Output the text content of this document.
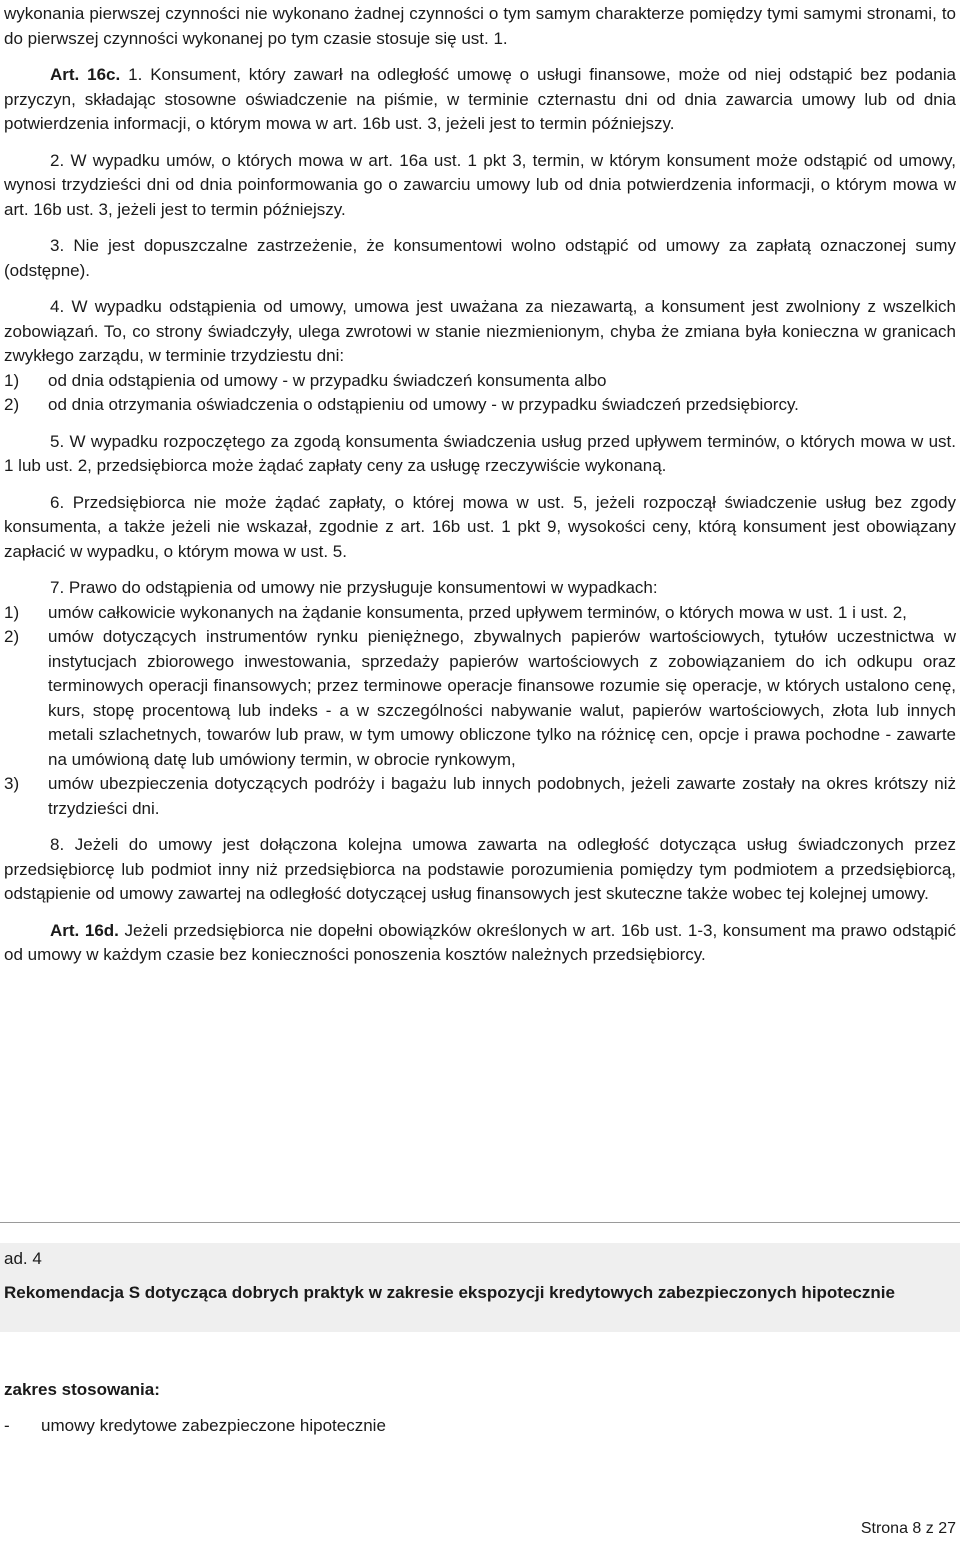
wykonania pierwszej czynności nie wykonano żadnej czynności o tym samym charakterze pomiędzy tymi samymi stronami, to do pierwszej czynności wykonanej po tym czasie stosuje się ust. 1.

Art. 16c. 1. Konsument, który zawarł na odległość umowę o usługi finansowe, może od niej odstąpić bez podania przyczyn, składając stosowne oświadczenie na piśmie, w terminie czternastu dni od dnia zawarcia umowy lub od dnia potwierdzenia informacji, o którym mowa w art. 16b ust. 3, jeżeli jest to termin późniejszy.

2. W wypadku umów, o których mowa w art. 16a ust. 1 pkt 3, termin, w którym konsument może odstąpić od umowy, wynosi trzydzieści dni od dnia poinformowania go o zawarciu umowy lub od dnia potwierdzenia informacji, o którym mowa w art. 16b ust. 3, jeżeli jest to termin późniejszy.

3. Nie jest dopuszczalne zastrzeżenie, że konsumentowi wolno odstąpić od umowy za zapłatą oznaczonej sumy (odstępne).

4. W wypadku odstąpienia od umowy, umowa jest uważana za niezawartą, a konsument jest zwolniony z wszelkich zobowiązań. To, co strony świadczyły, ulega zwrotowi w stanie niezmienionym, chyba że zmiana była konieczna w granicach zwykłego zarządu, w terminie trzydziestu dni:

1)	od dnia odstąpienia od umowy - w przypadku świadczeń konsumenta albo
2)	od dnia otrzymania oświadczenia o odstąpieniu od umowy - w przypadku świadczeń przedsiębiorcy.

5. W wypadku rozpoczętego za zgodą konsumenta świadczenia usług przed upływem terminów, o których mowa w ust. 1 lub ust. 2, przedsiębiorca może żądać zapłaty ceny za usługę rzeczywiście wykonaną.

6. Przedsiębiorca nie może żądać zapłaty, o której mowa w ust. 5, jeżeli rozpoczął świadczenie usług bez zgody konsumenta, a także jeżeli nie wskazał, zgodnie z art. 16b ust. 1 pkt 9, wysokości ceny, którą konsument jest obowiązany zapłacić w wypadku, o którym mowa w ust. 5.

7. Prawo do odstąpienia od umowy nie przysługuje konsumentowi w wypadkach:

1)	umów całkowicie wykonanych na żądanie konsumenta, przed upływem terminów, o których mowa w ust. 1 i ust. 2,
2)	umów dotyczących instrumentów rynku pieniężnego, zbywalnych papierów wartościowych, tytułów uczestnictwa w instytucjach zbiorowego inwestowania, sprzedaży papierów wartościowych z zobowiązaniem do ich odkupu oraz terminowych operacji finansowych; przez terminowe operacje finansowe rozumie się operacje, w których ustalono cenę, kurs, stopę procentową lub indeks - a w szczególności nabywanie walut, papierów wartościowych, złota lub innych metali szlachetnych, towarów lub praw, w tym umowy obliczone tylko na różnicę cen, opcje i prawa pochodne - zawarte na umówioną datę lub umówiony termin, w obrocie rynkowym,
3)	umów ubezpieczenia dotyczących podróży i bagażu lub innych podobnych, jeżeli zawarte zostały na okres krótszy niż trzydzieści dni.

8. Jeżeli do umowy jest dołączona kolejna umowa zawarta na odległość dotycząca usług świadczonych przez przedsiębiorcę lub podmiot inny niż przedsiębiorca na podstawie porozumienia pomiędzy tym podmiotem a przedsiębiorcą, odstąpienie od umowy zawartej na odległość dotyczącej usług finansowych jest skuteczne także wobec tej kolejnej umowy.

Art. 16d. Jeżeli przedsiębiorca nie dopełni obowiązków określonych w art. 16b ust. 1-3, konsument ma prawo odstąpić od umowy w każdym czasie bez konieczności ponoszenia kosztów należnych przedsiębiorcy.

ad. 4
Rekomendacja S dotycząca dobrych praktyk w zakresie ekspozycji kredytowych zabezpieczonych hipotecznie
zakres stosowania:
-	umowy kredytowe zabezpieczone hipotecznie
Strona 8 z 27
